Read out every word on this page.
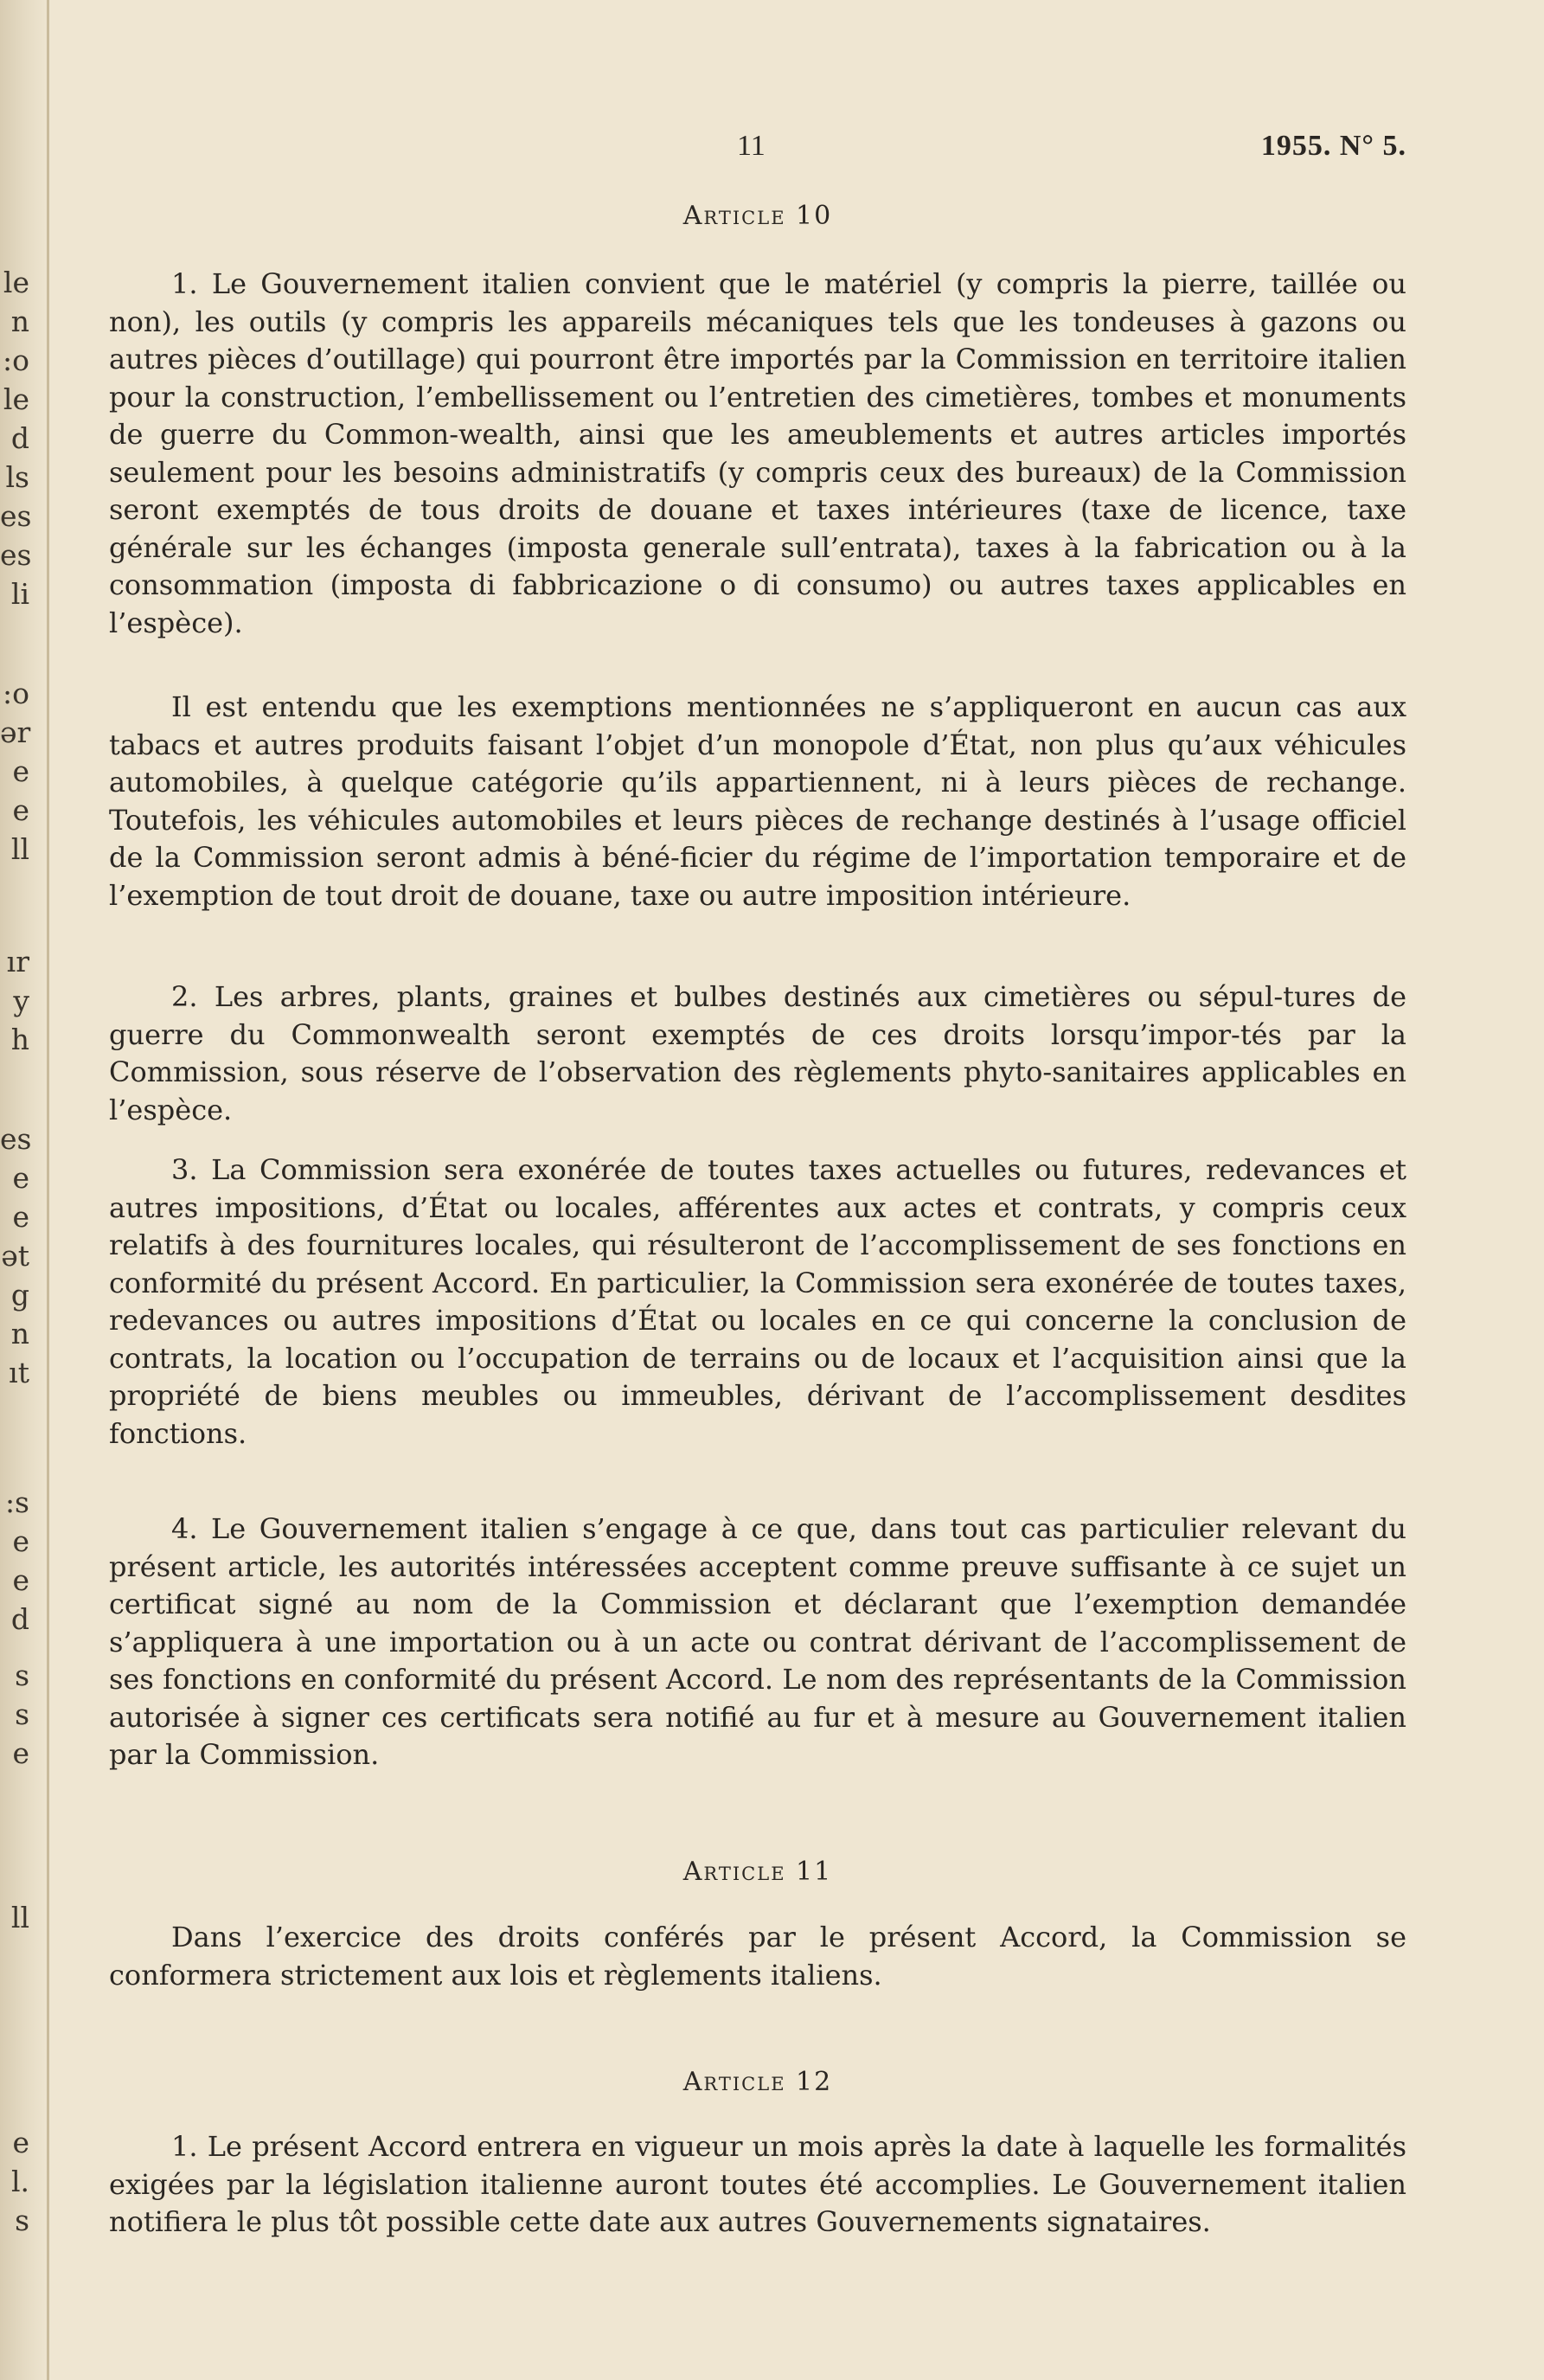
le
n
:o
le
d
ls
es
es
li
:o
ər
e
e
ll
ır
y
h
es
e
e
ət
g
n
ıt
:s
e
e
d
s
s
e
ll
e
l.
s
11	1955. N° 5.
Article 10

1. Le Gouvernement italien convient que le matériel (y compris la pierre, taillée ou non), les outils (y compris les appareils mécaniques tels que les tondeuses à gazons ou autres pièces d’outillage) qui pourront être importés par la Commission en territoire italien pour la construction, l’embellissement ou l’entretien des cimetières, tombes et monuments de guerre du Common-wealth, ainsi que les ameublements et autres articles importés seulement pour les besoins administratifs (y compris ceux des bureaux) de la Commission seront exemptés de tous droits de douane et taxes intérieures (taxe de licence, taxe générale sur les échanges (imposta generale sull’entrata), taxes à la fabrication ou à la consommation (imposta di fabbricazione o di consumo) ou autres taxes applicables en l’espèce).

Il est entendu que les exemptions mentionnées ne s’appliqueront en aucun cas aux tabacs et autres produits faisant l’objet d’un monopole d’État, non plus qu’aux véhicules automobiles, à quelque catégorie qu’ils appartiennent, ni à leurs pièces de rechange. Toutefois, les véhicules automobiles et leurs pièces de rechange destinés à l’usage officiel de la Commission seront admis à béné-ficier du régime de l’importation temporaire et de l’exemption de tout droit de douane, taxe ou autre imposition intérieure.

2. Les arbres, plants, graines et bulbes destinés aux cimetières ou sépul-tures de guerre du Commonwealth seront exemptés de ces droits lorsqu’impor-tés par la Commission, sous réserve de l’observation des règlements phyto-sanitaires applicables en l’espèce.

3. La Commission sera exonérée de toutes taxes actuelles ou futures, redevances et autres impositions, d’État ou locales, afférentes aux actes et contrats, y compris ceux relatifs à des fournitures locales, qui résulteront de l’accomplissement de ses fonctions en conformité du présent Accord. En particulier, la Commission sera exonérée de toutes taxes, redevances ou autres impositions d’État ou locales en ce qui concerne la conclusion de contrats, la location ou l’occupation de terrains ou de locaux et l’acquisition ainsi que la propriété de biens meubles ou immeubles, dérivant de l’accomplissement desdites fonctions.

4. Le Gouvernement italien s’engage à ce que, dans tout cas particulier relevant du présent article, les autorités intéressées acceptent comme preuve suffisante à ce sujet un certificat signé au nom de la Commission et déclarant que l’exemption demandée s’appliquera à une importation ou à un acte ou contrat dérivant de l’accomplissement de ses fonctions en conformité du présent Accord. Le nom des représentants de la Commission autorisée à signer ces certificats sera notifié au fur et à mesure au Gouvernement italien par la Commission.

Article 11

Dans l’exercice des droits conférés par le présent Accord, la Commission se conformera strictement aux lois et règlements italiens.

Article 12

1. Le présent Accord entrera en vigueur un mois après la date à laquelle les formalités exigées par la législation italienne auront toutes été accomplies. Le Gouvernement italien notifiera le plus tôt possible cette date aux autres Gouvernements signataires.
